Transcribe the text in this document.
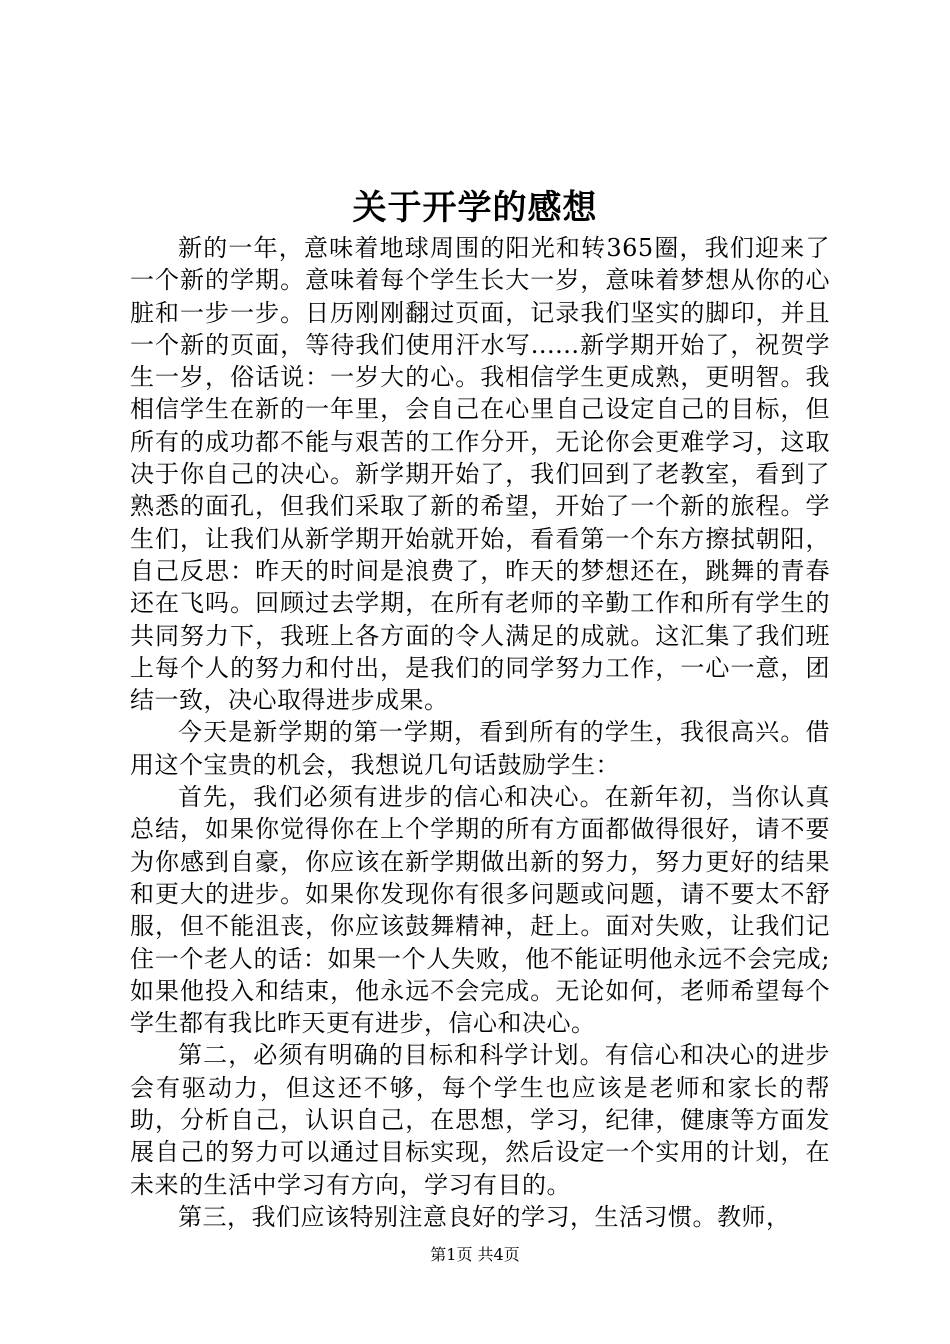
关于开学的感想

新的一年，意味着地球周围的阳光和转365圈，我们迎来了一个新的学期。意味着每个学生长大一岁，意味着梦想从你的心脏和一步一步。日历刚刚翻过页面，记录我们坚实的脚印，并且一个新的页面，等待我们使用汗水写......新学期开始了，祝贺学生一岁，俗话说：一岁大的心。我相信学生更成熟，更明智。我相信学生在新的一年里，会自己在心里自己设定自己的目标，但所有的成功都不能与艰苦的工作分开，无论你会更难学习，这取决于你自己的决心。新学期开始了，我们回到了老教室，看到了熟悉的面孔，但我们采取了新的希望，开始了一个新的旅程。学生们，让我们从新学期开始就开始，看看第一个东方擦拭朝阳，自己反思：昨天的时间是浪费了，昨天的梦想还在，跳舞的青春还在飞吗。回顾过去学期，在所有老师的辛勤工作和所有学生的共同努力下，我班上各方面的令人满足的成就。这汇集了我们班上每个人的努力和付出，是我们的同学努力工作，一心一意，团结一致，决心取得进步成果。

今天是新学期的第一学期，看到所有的学生，我很高兴。借用这个宝贵的机会，我想说几句话鼓励学生：

首先，我们必须有进步的信心和决心。在新年初，当你认真总结，如果你觉得你在上个学期的所有方面都做得很好，请不要为你感到自豪，你应该在新学期做出新的努力，努力更好的结果和更大的进步。如果你发现你有很多问题或问题，请不要太不舒服，但不能沮丧，你应该鼓舞精神，赶上。面对失败，让我们记住一个老人的话：如果一个人失败，他不能证明他永远不会完成;如果他投入和结束，他永远不会完成。无论如何，老师希望每个学生都有我比昨天更有进步，信心和决心。

第二，必须有明确的目标和科学计划。有信心和决心的进步会有驱动力，但这还不够，每个学生也应该是老师和家长的帮助，分析自己，认识自己，在思想，学习，纪律，健康等方面发展自己的努力可以通过目标实现，然后设定一个实用的计划，在未来的生活中学习有方向，学习有目的。

第三，我们应该特别注意良好的学习，生活习惯。教师，

第1页 共4页
